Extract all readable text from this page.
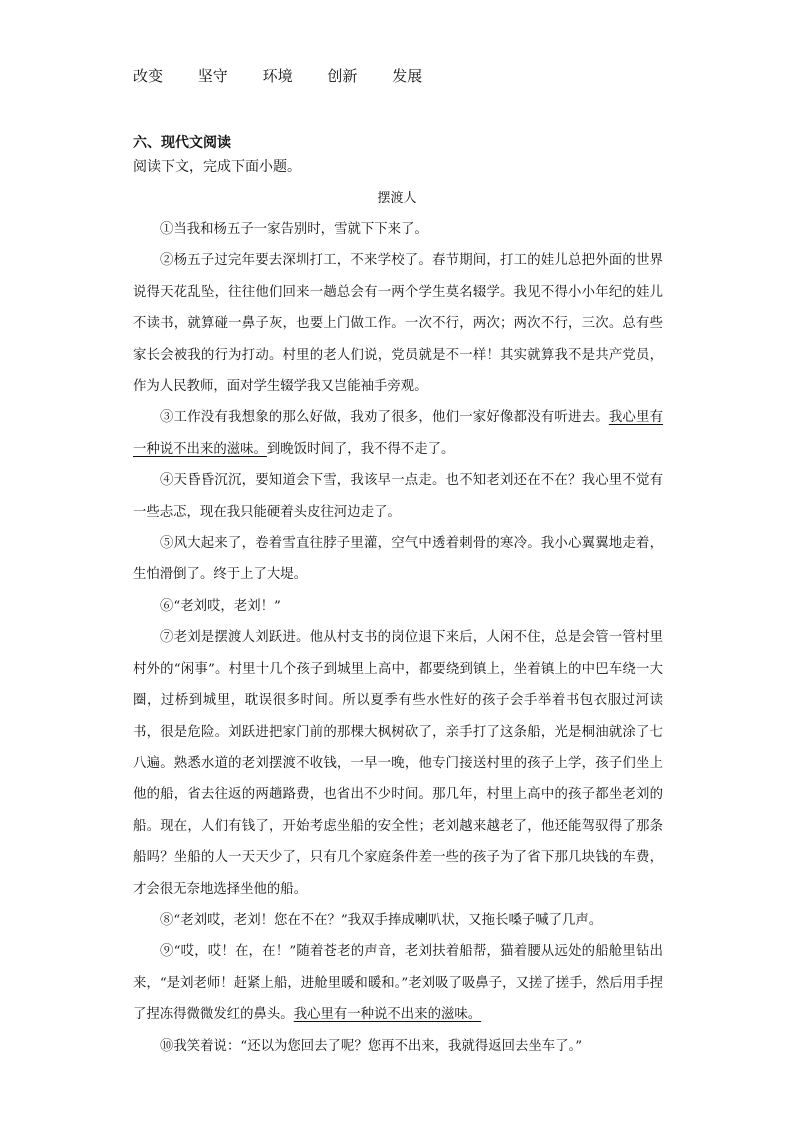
改变 坚守 环境 创新 发展
六、现代文阅读
阅读下文，完成下面小题。
摆渡人

①当我和杨五子一家告别时，雪就下下来了。

②杨五子过完年要去深圳打工，不来学校了。春节期间，打工的娃儿总把外面的世界说得天花乱坠，往往他们回来一趟总会有一两个学生莫名辍学。我见不得小小年纪的娃儿不读书，就算碰一鼻子灰，也要上门做工作。一次不行，两次；两次不行，三次。总有些家长会被我的行为打动。村里的老人们说，党员就是不一样！其实就算我不是共产党员，作为人民教师，面对学生辍学我又岂能袖手旁观。

③工作没有我想象的那么好做，我劝了很多，他们一家好像都没有听进去。我心里有一种说不出来的滋味。到晚饭时间了，我不得不走了。

④天昏昏沉沉，要知道会下雪，我该早一点走。也不知老刘还在不在？我心里不觉有一些忐忑，现在我只能硬着头皮往河边走了。

⑤风大起来了，卷着雪直往脖子里灌，空气中透着刺骨的寒冷。我小心翼翼地走着，生怕滑倒了。终于上了大堤。

⑥“老刘哎，老刘！”

⑦老刘是摆渡人刘跃进。他从村支书的岗位退下来后，人闲不住，总是会管一管村里村外的“闲事”。村里十几个孩子到城里上高中，都要绕到镇上，坐着镇上的中巴车绕一大圈，过桥到城里，耽误很多时间。所以夏季有些水性好的孩子会手举着书包衣服过河读书，很是危险。刘跃进把家门前的那棵大枫树砍了，亲手打了这条船，光是桐油就涂了七八遍。熟悉水道的老刘摆渡不收钱，一早一晚，他专门接送村里的孩子上学，孩子们坐上他的船，省去往返的两趟路费，也省出不少时间。那几年，村里上高中的孩子都坐老刘的船。现在，人们有钱了，开始考虑坐船的安全性；老刘越来越老了，他还能驾驭得了那条船吗？坐船的人一天天少了，只有几个家庭条件差一些的孩子为了省下那几块钱的车费，才会很无奈地选择坐他的船。

⑧“老刘哎，老刘！您在不在？”我双手捧成喇叭状，又拖长嗓子喊了几声。

⑨“哎，哎！在，在！”随着苍老的声音，老刘扶着船帮，猫着腰从远处的船舱里钻出来，“是刘老师！赶紧上船，进舱里暖和暖和。”老刘吸了吸鼻子，又搓了搓手，然后用手捏了捏冻得微微发红的鼻头。我心里有一种说不出来的滋味。

⑩我笑着说：“还以为您回去了呢？您再不出来，我就得返回去坐车了。”
